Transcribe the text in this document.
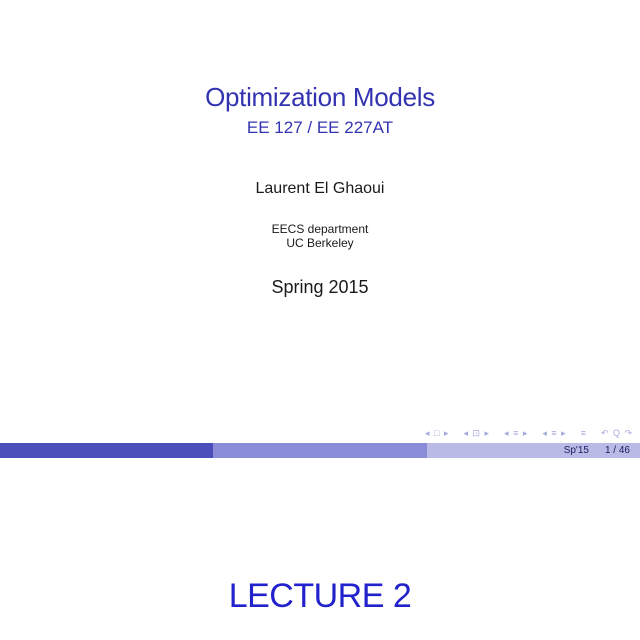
Optimization Models
EE 127 / EE 227AT
Laurent El Ghaoui
EECS department
UC Berkeley
Spring 2015
◂ □ ▸ ◂ ⊡ ▸ ◂ ≡ ▸ ◂ ≡ ▸ ≡ ↶ Q ↷
Sp'15 1 / 46
LECTURE 2
